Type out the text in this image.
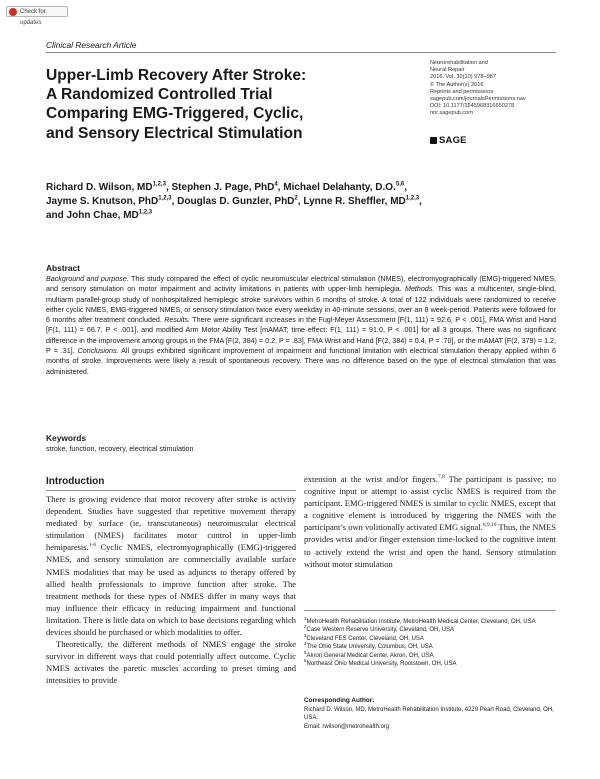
Check for updates
Clinical Research Article
Upper-Limb Recovery After Stroke:
A Randomized Controlled Trial
Comparing EMG-Triggered, Cyclic,
and Sensory Electrical Stimulation
Neurorehabilitation and
Neural Repair
2016, Vol. 30(10) 978–987
© The Author(s) 2016
Reprints and permissions:
sagepub.com/journalsPermissions.nav
DOI: 10.1177/1545968316650278
nnr.sagepub.com
SAGE
Richard D. Wilson, MD$^{1,2,3}$, Stephen J. Page, PhD$^4$, Michael Delahanty, D.O.$^{5,6}$,
Jayme S. Knutson, PhD$^{1,2,3}$, Douglas D. Gunzler, PhD$^2$, Lynne R. Sheffler, MD$^{1,2,3}$,
and John Chae, MD$^{1,2,3}$
Abstract
Background and purpose. This study compared the effect of cyclic neuromuscular electrical stimulation (NMES), electromyographically (EMG)-triggered NMES, and sensory stimulation on motor impairment and activity limitations in patients with upper-limb hemiplegia. Methods. This was a multicenter, single-blind, multiarm parallel-group study of nonhospitalized hemiplegic stroke survivors within 6 months of stroke. A total of 122 individuals were randomized to receive either cyclic NMES, EMG-triggered NMES, or sensory stimulation twice every weekday in 40-minute sessions, over an 8 week-period. Patients were followed for 6 months after treatment concluded. Results. There were significant increases in the Fugl-Meyer Assessment [F(1, 111) = 92.6, P < .001], FMA Wrist and Hand [F(1, 111) = 66.7, P < .001], and modified Arm Motor Ability Test [mAMAT; time effect: F(1, 111) = 91.0, P < .001] for all 3 groups. There was no significant difference in the improvement among groups in the FMA [F(2, 384) = 0.2, P = .83], FMA Wrist and Hand [F(2, 384) = 0.4, P = .70], or the mAMAT [F(2, 379) = 1.2, P = .31]. Conclusions. All groups exhibited significant improvement of impairment and functional limitation with electrical stimulation therapy applied within 6 months of stroke. Improvements were likely a result of spontaneous recovery. There was no difference based on the type of electrical stimulation that was administered.
Keywords
stroke, function, recovery, electrical stimulation
Introduction

There is growing evidence that motor recovery after stroke is activity dependent. Studies have suggested that repetitive movement therapy mediated by surface (ie, transcutaneous) neuromuscular electrical stimulation (NMES) facilitates motor control in upper-limb hemiparesis.$^{1-6}$ Cyclic NMES, electromyographically (EMG)-triggered NMES, and sensory stimulation are commercially available surface NMES modalities that may be used as adjuncts to therapy offered by allied health professionals to improve function after stroke. The treatment methods for these types of NMES differ in many ways that may influence their efficacy in reducing impairment and functional limitation. There is little data on which to base decisions regarding which devices should be purchased or which modalities to offer.

Theoretically, the different methods of NMES engage the stroke survivor in different ways that could potentially affect outcome. Cyclic NMES activates the paretic muscles according to preset timing and intensities to provide

extension at the wrist and/or fingers.$^{7,8}$ The participant is passive; no cognitive input or attempt to assist cyclic NMES is required from the participant. EMG-triggered NMES is similar to cyclic NMES, except that a cognitive element is introduced by triggering the NMES with the participant’s own volitionally activated EMG signal.$^{6,9,10}$ Thus, the NMES provides wrist and/or finger extension time-locked to the cognitive intent to actively extend the wrist and open the hand. Sensory stimulation without motor stimulation

$^1$MetroHealth Rehabilitation Institute, MetroHealth Medical Center, Cleveland, OH, USA
$^2$Case Western Reserve University, Cleveland, OH, USA
$^3$Cleveland FES Center, Cleveland, OH, USA
$^4$The Ohio State University, Columbus, OH, USA
$^5$Akron General Medical Center, Akron, OH, USA
$^6$Northeast Ohio Medical University, Rootstown, OH, USA
Corresponding Author:
Richard D. Wilson, MD, MetroHealth Rehabilitation Institute, 4229 Pearl Road, Cleveland, OH, USA.
Email: rwilson@metrohealth.org
